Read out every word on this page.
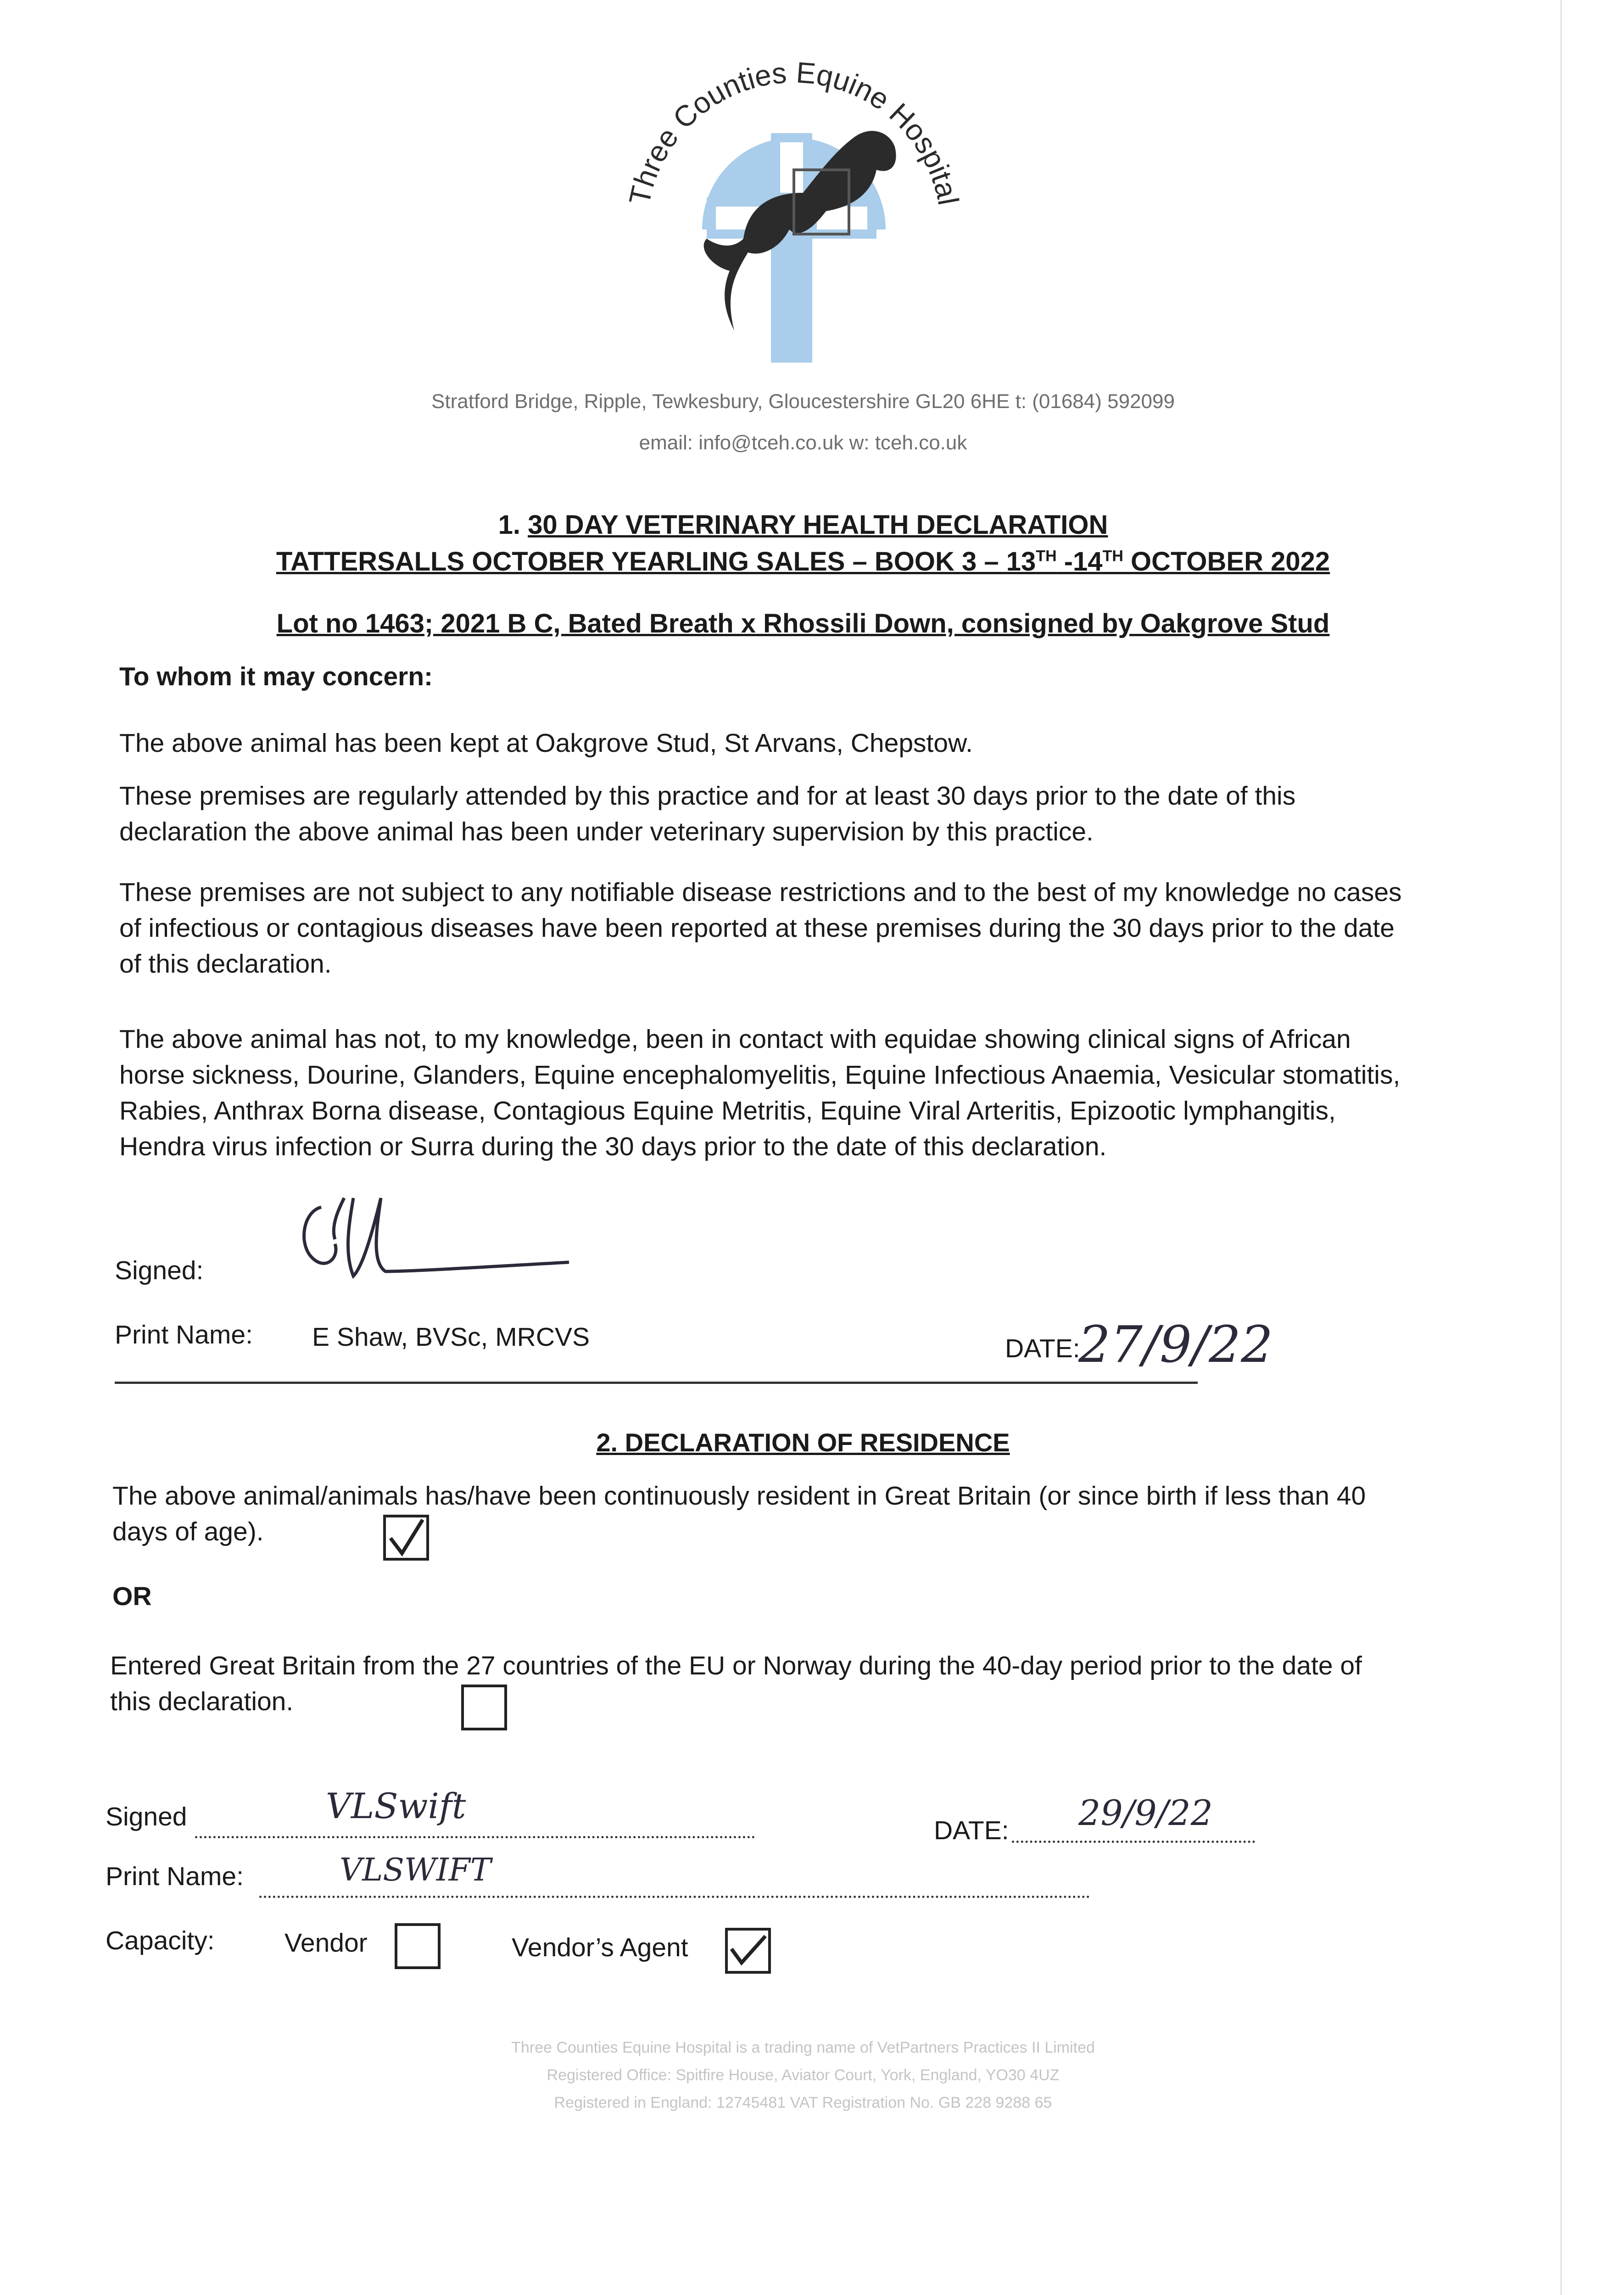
Three Counties Equine Hospital
Stratford Bridge, Ripple, Tewkesbury, Gloucestershire GL20 6HE t: (01684) 592099
email: info@tceh.co.uk w: tceh.co.uk
1. 30 DAY VETERINARY HEALTH DECLARATION
TATTERSALLS OCTOBER YEARLING SALES – BOOK 3 – 13TH -14TH OCTOBER 2022
Lot no 1463; 2021 B C, Bated Breath x Rhossili Down, consigned by Oakgrove Stud
To whom it may concern:
The above animal has been kept at Oakgrove Stud, St Arvans, Chepstow.
These premises are regularly attended by this practice and for at least 30 days prior to the date of this declaration the above animal has been under veterinary supervision by this practice.
These premises are not subject to any notifiable disease restrictions and to the best of my knowledge no cases of infectious or contagious diseases have been reported at these premises during the 30 days prior to the date of this declaration.
The above animal has not, to my knowledge, been in contact with equidae showing clinical signs of African horse sickness, Dourine, Glanders, Equine encephalomyelitis, Equine Infectious Anaemia, Vesicular stomatitis, Rabies, Anthrax Borna disease, Contagious Equine Metritis, Equine Viral Arteritis, Epizootic lymphangitis, Hendra virus infection or Surra during the 30 days prior to the date of this declaration.
Signed:
Print Name: E Shaw, BVSc, MRCVS	DATE:
27/9/22
2. DECLARATION OF RESIDENCE
The above animal/animals has/have been continuously resident in Great Britain (or since birth if less than 40 days of age).
OR
Entered Great Britain from the 27 countries of the EU or Norway during the 40-day period prior to the date of this declaration.
Signed	VLSwift
DATE: 29/9/22
Print Name:	VLSWIFT
Capacity:	Vendor	Vendor’s Agent
Three Counties Equine Hospital is a trading name of VetPartners Practices II Limited
Registered Office: Spitfire House, Aviator Court, York, England, YO30 4UZ
Registered in England: 12745481 VAT Registration No. GB 228 9288 65
